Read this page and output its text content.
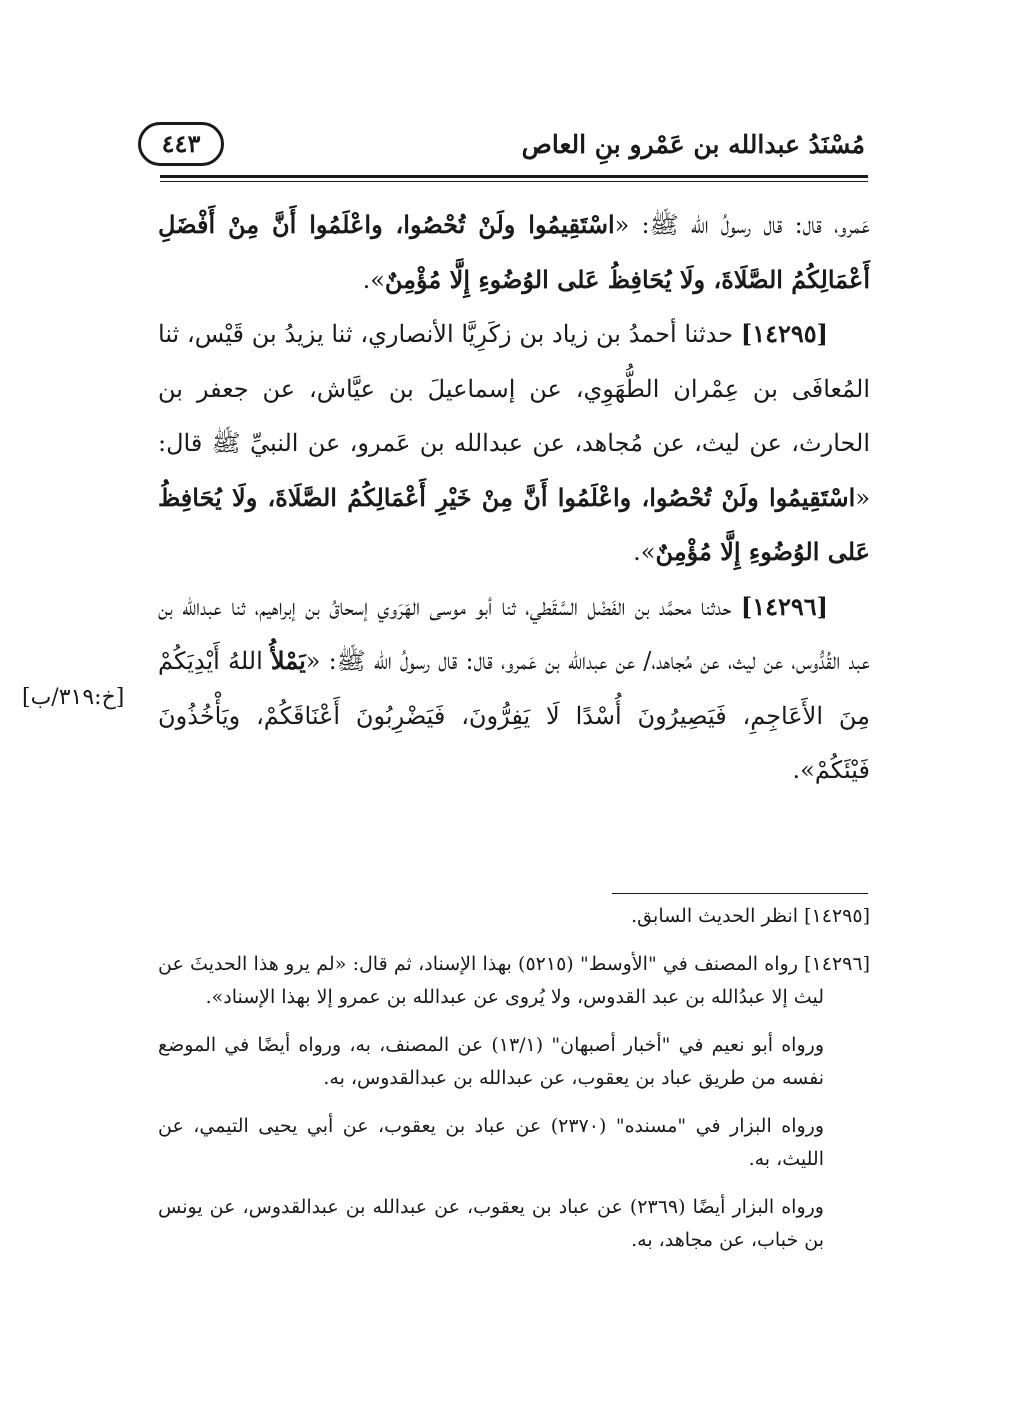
مُسْنَدُ عبدالله بن عَمْرو بنِ العاص
٤٤٣

عَمرو، قال: قال رسولُ الله ﷺ: «اسْتَقِيمُوا ولَنْ تُحْصُوا، واعْلَمُوا أَنَّ مِنْ أَفْضَلِ أَعْمَالِكُمُ الصَّلَاةَ، ولَا يُحَافِظُ عَلى الوُضُوءِ إِلَّا مُؤْمِنٌ».

[١٤٢٩٥] حدثنا أحمدُ بن زياد بن زكَرِيَّا الأنصاري، ثنا يزيدُ بن قَيْس، ثنا المُعافَى بن عِمْران الطُّهَوِي، عن إسماعيلَ بن عيَّاش، عن جعفر بن الحارث، عن ليث، عن مُجاهد، عن عبدالله بن عَمرو، عن النبيِّ ﷺ قال: «اسْتَقِيمُوا ولَنْ تُحْصُوا، واعْلَمُوا أَنَّ مِنْ خَيْرِ أَعْمَالِكُمُ الصَّلَاةَ، ولَا يُحَافِظُ عَلى الوُضُوءِ إِلَّا مُؤْمِنٌ».

[١٤٢٩٦] حدثنا محمَّد بن الفَضْل السَّقَطي، ثنا أبو موسى الهَرَوي إسحاقُ بن إبراهيم، ثنا عبدالله بن عبد القُدُّوس، عن ليث، عن مُجاهد،/ عن عبدالله بن عَمرو، قال: قال رسولُ الله ﷺ: «يَمْلأُ اللهُ أَيْدِيَكُمْ مِنَ الأَعَاجِمِ، فَيَصِيرُونَ أُسْدًا لَا يَفِرُّونَ، فَيَضْرِبُونَ أَعْنَاقَكُمْ، ويَأْخُذُونَ فَيْئَكُمْ».

[خ:٣١٩/ب]

[١٤٢٩٥] انظر الحديث السابق.

[١٤٢٩٦] رواه المصنف في "الأوسط" (٥٢١٥) بهذا الإسناد، ثم قال: «لم يرو هذا الحديثَ عن ليث إلا عبدُالله بن عبد القدوس، ولا يُروى عن عبدالله بن عمرو إلا بهذا الإسناد».

ورواه أبو نعيم في "أخبار أصبهان" (١٣/١) عن المصنف، به، ورواه أيضًا في الموضع نفسه من طريق عباد بن يعقوب، عن عبدالله بن عبدالقدوس، به.

ورواه البزار في "مسنده" (٢٣٧٠) عن عباد بن يعقوب، عن أبي يحيى التيمي، عن الليث، به.

ورواه البزار أيضًا (٢٣٦٩) عن عباد بن يعقوب، عن عبدالله بن عبدالقدوس، عن يونس بن خباب، عن مجاهد، به.
